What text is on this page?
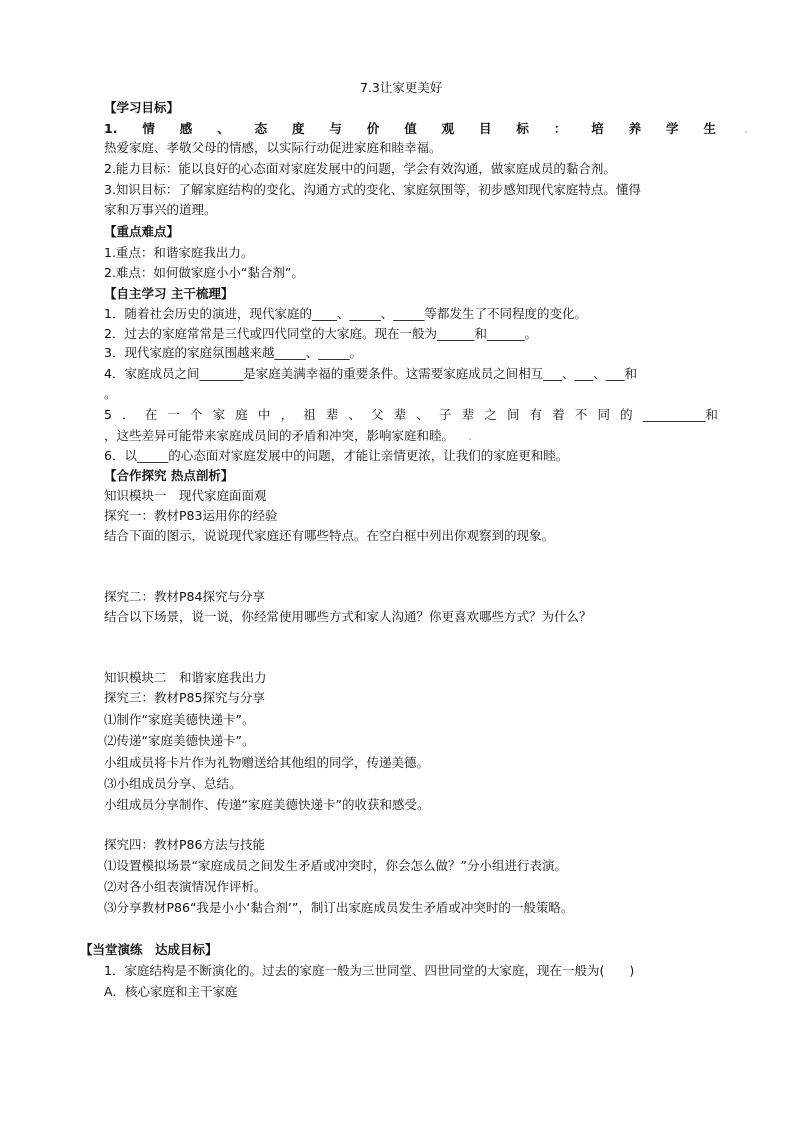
7.3让家更美好
【学习目标】
1. 情 感 、 态 度 与 价 值 观 目 标 ： 培 养 学 生 .
热爱家庭、孝敬父母的情感，以实际行动促进家庭和睦幸福。
2.能力目标：能以良好的心态面对家庭发展中的问题，学会有效沟通，做家庭成员的黏合剂。
3.知识目标：了解家庭结构的变化、沟通方式的变化、家庭氛围等，初步感知现代家庭特点。懂得
家和万事兴的道理。
【重点难点】
1.重点：和谐家庭我出力。
2.难点：如何做家庭小小“黏合剂”。
【自主学习 主干梳理】
1．随着社会历史的演进，现代家庭的____、_____、_____等都发生了不同程度的变化。
2．过去的家庭常常是三代或四代同堂的大家庭。现在一般为______和______。
3．现代家庭的家庭氛围越来越_____、_____。
4．家庭成员之间_______是家庭美满幸福的重要条件。这需要家庭成员之间相互___、___、___和
。
5 ． 在 一 个 家 庭 中 ， 祖 辈 、 父 辈 、 子 辈 之 间 有 着 不 同 的 __________和
，这些差异可能带来家庭成员间的矛盾和冲突，影响家庭和睦。 .
6．以_____的心态面对家庭发展中的问题，才能让亲情更浓，让我们的家庭更和睦。
【合作探究 热点剖析】
知识模块一　现代家庭面面观
探究一：教材P83运用你的经验
结合下面的图示，说说现代家庭还有哪些特点。在空白框中列出你观察到的现象。
探究二：教材P84探究与分享
结合以下场景，说一说，你经常使用哪些方式和家人沟通？你更喜欢哪些方式？为什么？
知识模块二　和谐家庭我出力
探究三：教材P85探究与分享
⑴制作“家庭美德快递卡”。
⑵传递“家庭美德快递卡”。
小组成员将卡片作为礼物赠送给其他组的同学，传递美德。
⑶小组成员分享、总结。
小组成员分享制作、传递“家庭美德快递卡”的收获和感受。
探究四：教材P86方法与技能
⑴设置模拟场景“家庭成员之间发生矛盾或冲突时，你会怎么做？”分小组进行表演。
⑵对各小组表演情况作评析。
⑶分享教材P86“我是小小‘黏合剂’”，制订出家庭成员发生矛盾或冲突时的一般策略。
【当堂演练　达成目标】
1．家庭结构是不断演化的。过去的家庭一般为三世同堂、四世同堂的大家庭，现在一般为(　　)
A．核心家庭和主干家庭
